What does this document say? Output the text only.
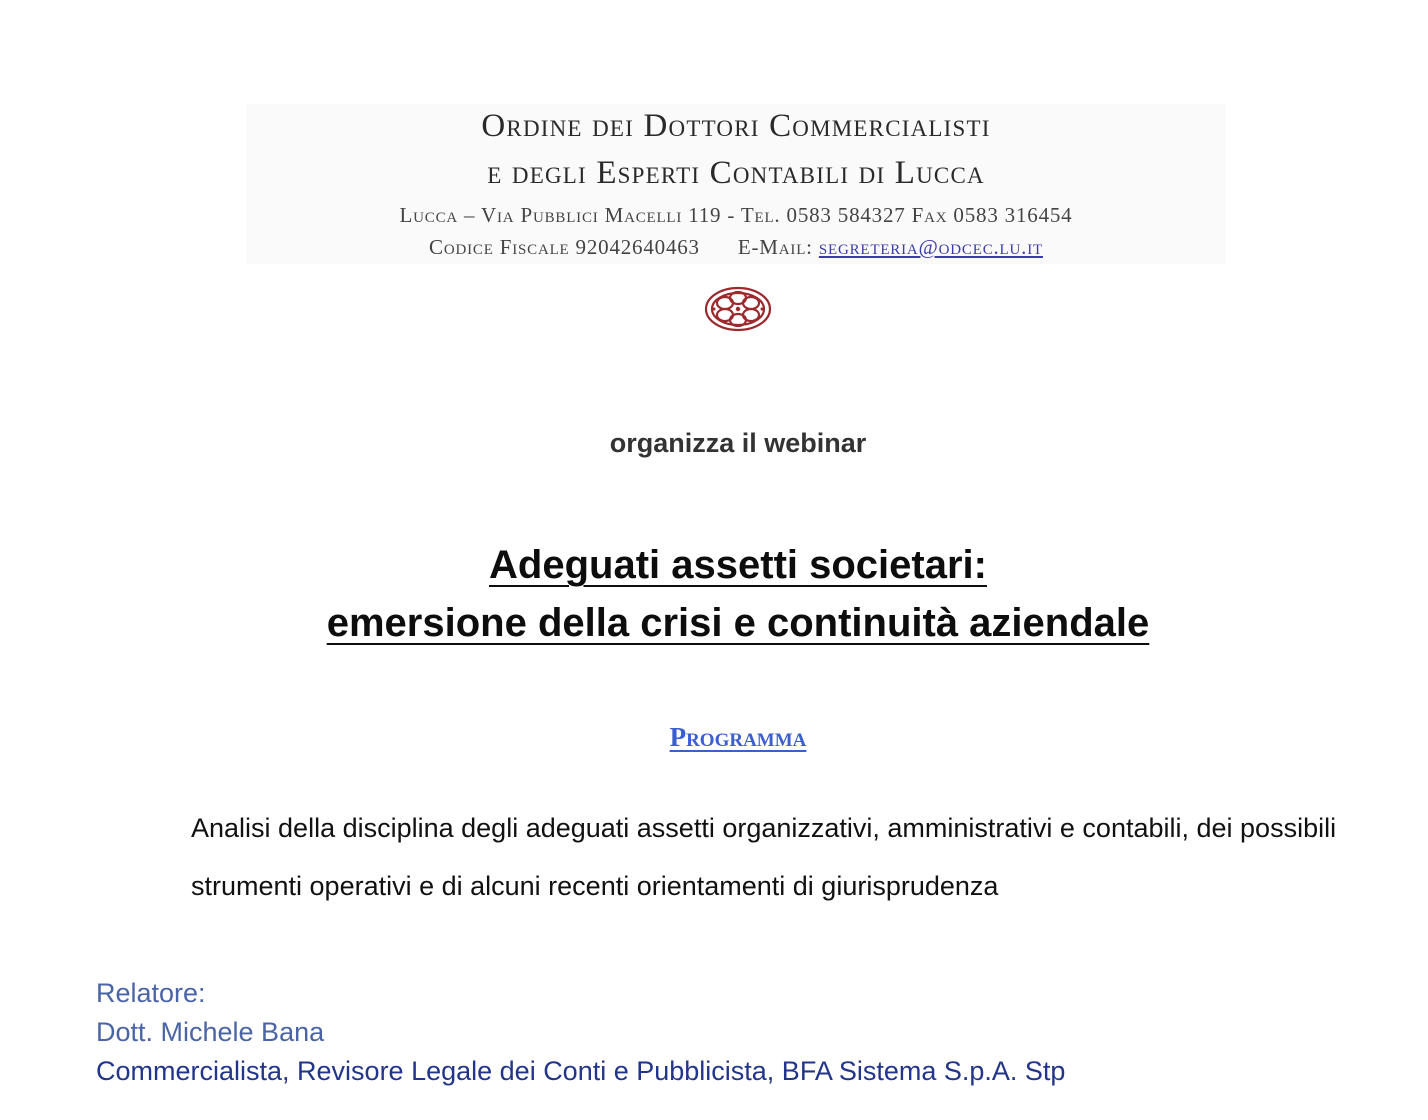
Ordine dei Dottori Commercialisti
e degli Esperti Contabili di Lucca
Lucca – Via Pubblici Macelli 119 - Tel. 0583 584327 Fax 0583 316454
Codice Fiscale 92042640463 E-Mail: segreteria@odcec.lu.it
organizza il webinar
Adeguati assetti societari:
emersione della crisi e continuità aziendale
Programma
Analisi della disciplina degli adeguati assetti organizzativi, amministrativi e contabili, dei possibili strumenti operativi e di alcuni recenti orientamenti di giurisprudenza
Relatore:
Dott. Michele Bana
Commercialista, Revisore Legale dei Conti e Pubblicista, BFA Sistema S.p.A. Stp
